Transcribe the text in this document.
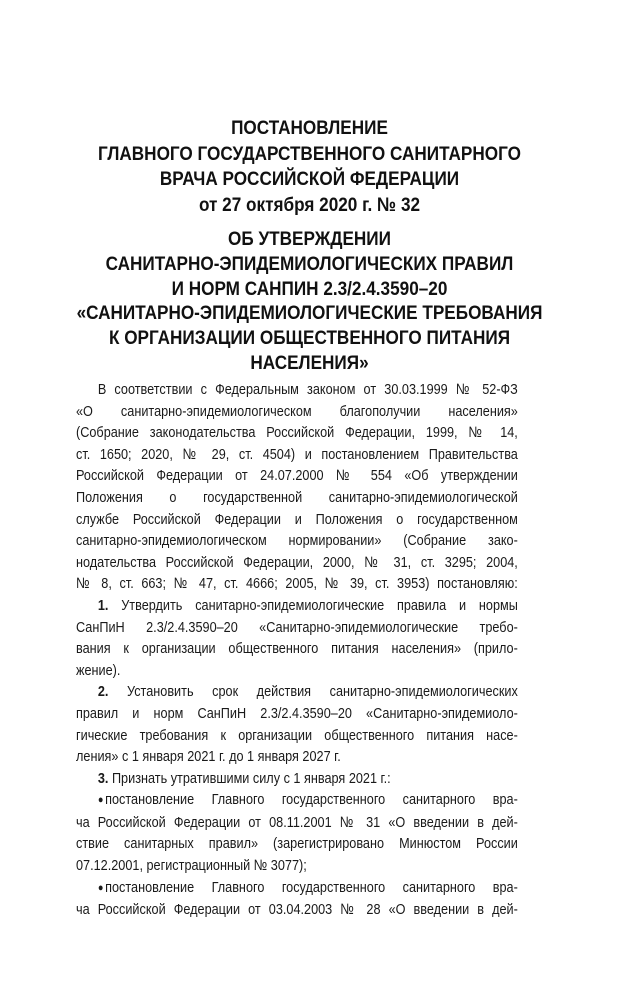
ПОСТАНОВЛЕНИЕ
ГЛАВНОГО ГОСУДАРСТВЕННОГО САНИТАРНОГО
ВРАЧА РОССИЙСКОЙ ФЕДЕРАЦИИ
от 27 октября 2020 г. № 32
ОБ УТВЕРЖДЕНИИ
САНИТАРНО-ЭПИДЕМИОЛОГИЧЕСКИХ ПРАВИЛ
И НОРМ САНПИН 2.3/2.4.3590–20
«САНИТАРНО-ЭПИДЕМИОЛОГИЧЕСКИЕ ТРЕБОВАНИЯ
К ОРГАНИЗАЦИИ ОБЩЕСТВЕННОГО ПИТАНИЯ
НАСЕЛЕНИЯ»
В соответствии с Федеральным законом от 30.03.1999 № 52-ФЗ
«О санитарно-эпидемиологическом благополучии населения»
(Собрание законодательства Российской Федерации, 1999, № 14,
ст. 1650; 2020, № 29, ст. 4504) и постановлением Правительства
Российской Федерации от 24.07.2000 № 554 «Об утверждении
Положения о государственной санитарно-эпидемиологической
службе Российской Федерации и Положения о государственном
санитарно-эпидемиологическом нормировании» (Собрание зако-
нодательства Российской Федерации, 2000, № 31, ст. 3295; 2004,
№ 8, ст. 663; № 47, ст. 4666; 2005, № 39, ст. 3953) постановляю:
1. Утвердить санитарно-эпидемиологические правила и нормы
СанПиН 2.3/2.4.3590–20 «Санитарно-эпидемиологические требо-
вания к организации общественного питания населения» (прило-
жение).
2. Установить срок действия санитарно-эпидемиологических
правил и норм СанПиН 2.3/2.4.3590–20 «Санитарно-эпидемиоло-
гические требования к организации общественного питания насе-
ления» с 1 января 2021 г. до 1 января 2027 г.
3. Признать утратившими силу с 1 января 2021 г.:
● постановление Главного государственного санитарного вра-
ча Российской Федерации от 08.11.2001 № 31 «О введении в дей-
ствие санитарных правил» (зарегистрировано Минюстом России
07.12.2001, регистрационный № 3077);
● постановление Главного государственного санитарного вра-
ча Российской Федерации от 03.04.2003 № 28 «О введении в дей-
